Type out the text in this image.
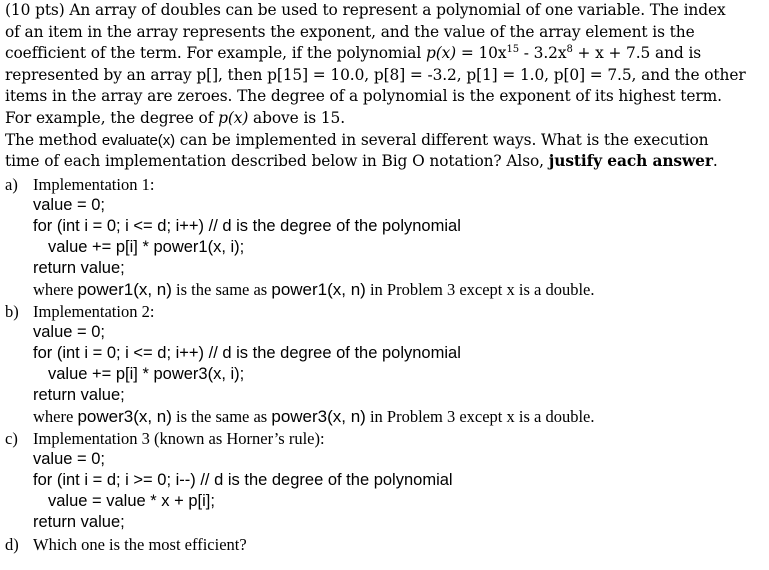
(10 pts) An array of doubles can be used to represent a polynomial of one variable. The index
of an item in the array represents the exponent, and the value of the array element is the
coefficient of the term. For example, if the polynomial $p(x) = 10x^{15} - 3.2x^8 + x + 7.5$ and is
represented by an array p[], then p[15] = 10.0, p[8] = -3.2, p[1] = 1.0, p[0] = 7.5, and the other
items in the array are zeroes. The degree of a polynomial is the exponent of its highest term.
For example, the degree of p(x) above is 15.
The method evaluate(x) can be implemented in several different ways. What is the execution
time of each implementation described below in Big O notation? Also, justify each answer.
a) Implementation 1:
value = 0;
for (int i = 0; i <= d; i++) // d is the degree of the polynomial
value += p[i] * power1(x, i);
return value;
where power1(x, n) is the same as power1(x, n) in Problem 3 except x is a double.
b) Implementation 2:
value = 0;
for (int i = 0; i <= d; i++) // d is the degree of the polynomial
value += p[i] * power3(x, i);
return value;
where power3(x, n) is the same as power3(x, n) in Problem 3 except x is a double.
c) Implementation 3 (known as Horner’s rule):
value = 0;
for (int i = d; i >= 0; i--) // d is the degree of the polynomial
value = value * x + p[i];
return value;
d) Which one is the most efficient?
